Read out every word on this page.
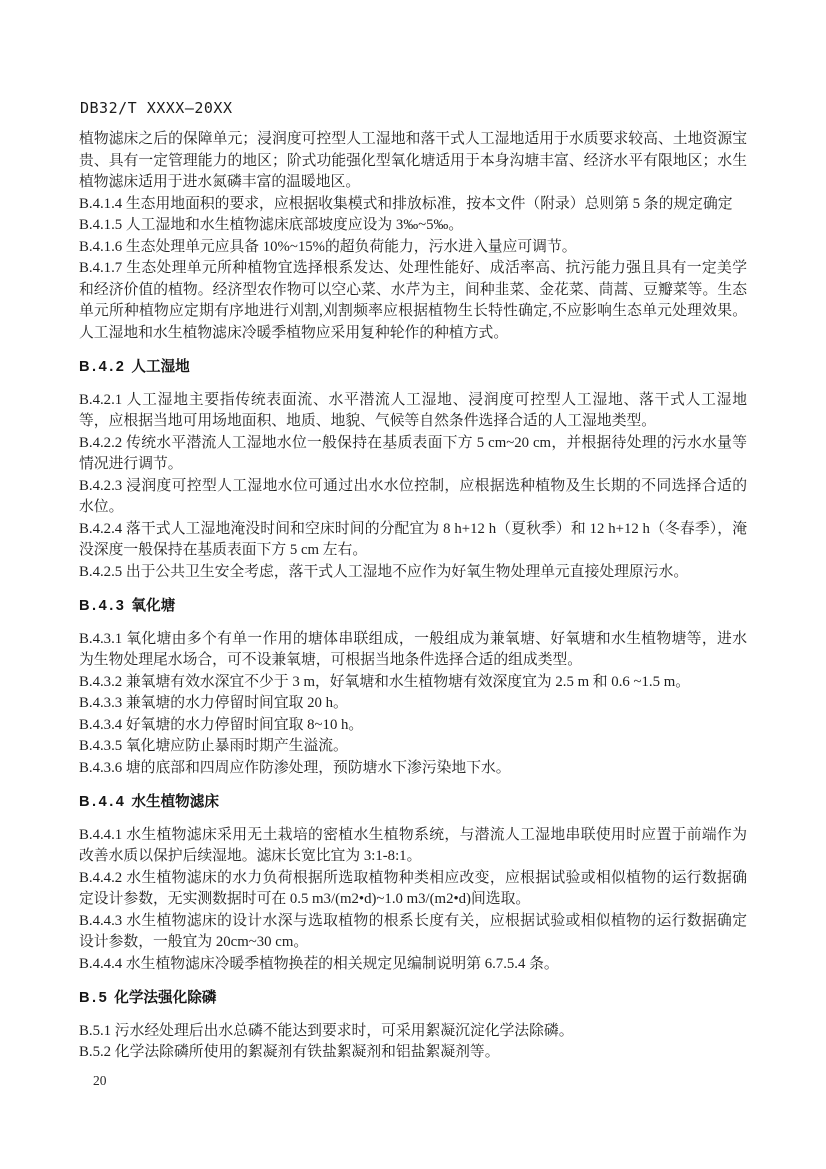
DB32/T XXXX—20XX

植物滤床之后的保障单元；浸润度可控型人工湿地和落干式人工湿地适用于水质要求较高、土地资源宝贵、具有一定管理能力的地区；阶式功能强化型氧化塘适用于本身沟塘丰富、经济水平有限地区；水生植物滤床适用于进水氮磷丰富的温暖地区。

B.4.1.4 生态用地面积的要求，应根据收集模式和排放标准，按本文件（附录）总则第 5 条的规定确定

B.4.1.5 人工湿地和水生植物滤床底部坡度应设为 3‰~5‰。

B.4.1.6 生态处理单元应具备 10%~15%的超负荷能力，污水进入量应可调节。

B.4.1.7 生态处理单元所种植物宜选择根系发达、处理性能好、成活率高、抗污能力强且具有一定美学和经济价值的植物。经济型农作物可以空心菜、水芹为主，间种韭菜、金花菜、茼蒿、豆瓣菜等。生态单元所种植物应定期有序地进行刈割,刈割频率应根据植物生长特性确定,不应影响生态单元处理效果。人工湿地和水生植物滤床冷暖季植物应采用复种轮作的种植方式。

B.4.2 人工湿地

B.4.2.1 人工湿地主要指传统表面流、水平潜流人工湿地、浸润度可控型人工湿地、落干式人工湿地等，应根据当地可用场地面积、地质、地貌、气候等自然条件选择合适的人工湿地类型。

B.4.2.2 传统水平潜流人工湿地水位一般保持在基质表面下方 5 cm~20 cm，并根据待处理的污水水量等情况进行调节。

B.4.2.3 浸润度可控型人工湿地水位可通过出水水位控制，应根据选种植物及生长期的不同选择合适的水位。

B.4.2.4 落干式人工湿地淹没时间和空床时间的分配宜为 8 h+12 h（夏秋季）和 12 h+12 h（冬春季），淹没深度一般保持在基质表面下方 5 cm 左右。

B.4.2.5 出于公共卫生安全考虑，落干式人工湿地不应作为好氧生物处理单元直接处理原污水。

B.4.3 氧化塘

B.4.3.1 氧化塘由多个有单一作用的塘体串联组成，一般组成为兼氧塘、好氧塘和水生植物塘等，进水为生物处理尾水场合，可不设兼氧塘，可根据当地条件选择合适的组成类型。

B.4.3.2 兼氧塘有效水深宜不少于 3 m，好氧塘和水生植物塘有效深度宜为 2.5 m 和 0.6 ~1.5 m。

B.4.3.3 兼氧塘的水力停留时间宜取 20 h。

B.4.3.4 好氧塘的水力停留时间宜取 8~10 h。

B.4.3.5 氧化塘应防止暴雨时期产生溢流。

B.4.3.6 塘的底部和四周应作防渗处理，预防塘水下渗污染地下水。

B.4.4 水生植物滤床

B.4.4.1 水生植物滤床采用无土栽培的密植水生植物系统，与潜流人工湿地串联使用时应置于前端作为改善水质以保护后续湿地。滤床长宽比宜为 3:1-8:1。

B.4.4.2 水生植物滤床的水力负荷根据所选取植物种类相应改变，应根据试验或相似植物的运行数据确定设计参数，无实测数据时可在 0.5 m3/(m2•d)~1.0 m3/(m2•d)间选取。

B.4.4.3 水生植物滤床的设计水深与选取植物的根系长度有关，应根据试验或相似植物的运行数据确定设计参数，一般宜为 20cm~30 cm。

B.4.4.4 水生植物滤床冷暖季植物换茬的相关规定见编制说明第 6.7.5.4 条。

B.5 化学法强化除磷

B.5.1 污水经处理后出水总磷不能达到要求时，可采用絮凝沉淀化学法除磷。

B.5.2 化学法除磷所使用的絮凝剂有铁盐絮凝剂和铝盐絮凝剂等。

20
